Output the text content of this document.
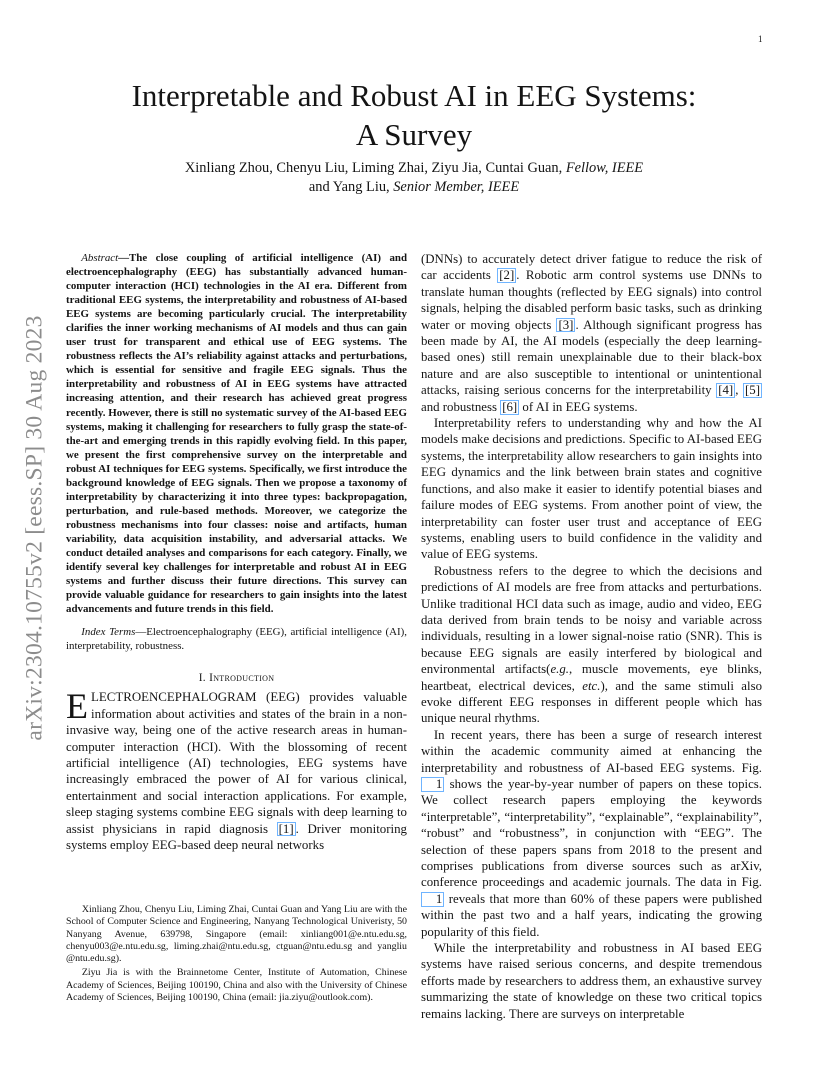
1
arXiv:2304.10755v2 [eess.SP] 30 Aug 2023
Interpretable and Robust AI in EEG Systems:
A Survey
Xinliang Zhou, Chenyu Liu, Liming Zhai, Ziyu Jia, Cuntai Guan, Fellow, IEEE
and Yang Liu, Senior Member, IEEE

Abstract—The close coupling of artificial intelligence (AI) and electroencephalography (EEG) has substantially advanced human-computer interaction (HCI) technologies in the AI era. Different from traditional EEG systems, the interpretability and robustness of AI-based EEG systems are becoming particularly crucial. The interpretability clarifies the inner working mechanisms of AI models and thus can gain user trust for transparent and ethical use of EEG systems. The robustness reflects the AI’s reliability against attacks and perturbations, which is essential for sensitive and fragile EEG signals. Thus the interpretability and robustness of AI in EEG systems have attracted increasing attention, and their research has achieved great progress recently. However, there is still no systematic survey of the AI-based EEG systems, making it challenging for researchers to fully grasp the state-of-the-art and emerging trends in this rapidly evolving field. In this paper, we present the first comprehensive survey on the interpretable and robust AI techniques for EEG systems. Specifically, we first introduce the background knowledge of EEG signals. Then we propose a taxonomy of interpretability by characterizing it into three types: backpropagation, perturbation, and rule-based methods. Moreover, we categorize the robustness mechanisms into four classes: noise and artifacts, human variability, data acquisition instability, and adversarial attacks. We conduct detailed analyses and comparisons for each category. Finally, we identify several key challenges for interpretable and robust AI in EEG systems and further discuss their future directions. This survey can provide valuable guidance for researchers to gain insights into the latest advancements and future trends in this field.

Index Terms—Electroencephalography (EEG), artificial intelligence (AI), interpretability, robustness.

I. Introduction

ELECTROENCEPHALOGRAM (EEG) provides valuable information about activities and states of the brain in a non-invasive way, being one of the active research areas in human-computer interaction (HCI). With the blossoming of recent artificial intelligence (AI) technologies, EEG systems have increasingly embraced the power of AI for various clinical, entertainment and social interaction applications. For example, sleep staging systems combine EEG signals with deep learning to assist physicians in rapid diagnosis [1] . Driver monitoring systems employ EEG-based deep neural networks

Xinliang Zhou, Chenyu Liu, Liming Zhai, Cuntai Guan and Yang Liu are with the School of Computer Science and Engineering, Nanyang Technological Univeristy, 50 Nanyang Avenue, 639798, Singapore (email: xinliang001@e.ntu.edu.sg, chenyu003@e.ntu.edu.sg, liming.zhai@ntu.edu.sg, ctguan@ntu.edu.sg and yangliu @ntu.edu.sg).

Ziyu Jia is with the Brainnetome Center, Institute of Automation, Chinese Academy of Sciences, Beijing 100190, China and also with the University of Chinese Academy of Sciences, Beijing 100190, China (email: jia.ziyu@outlook.com).

(DNNs) to accurately detect driver fatigue to reduce the risk of car accidents [2] . Robotic arm control systems use DNNs to translate human thoughts (reflected by EEG signals) into control signals, helping the disabled perform basic tasks, such as drinking water or moving objects [3] . Although significant progress has been made by AI, the AI models (especially the deep learning-based ones) still remain unexplainable due to their black-box nature and are also susceptible to intentional or unintentional attacks, raising serious concerns for the interpretability [4] , [5] and robustness [6] of AI in EEG systems.

Interpretability refers to understanding why and how the AI models make decisions and predictions. Specific to AI-based EEG systems, the interpretability allow researchers to gain insights into EEG dynamics and the link between brain states and cognitive functions, and also make it easier to identify potential biases and failure modes of EEG systems. From another point of view, the interpretability can foster user trust and acceptance of EEG systems, enabling users to build confidence in the validity and value of EEG systems.

Robustness refers to the degree to which the decisions and predictions of AI models are free from attacks and perturbations. Unlike traditional HCI data such as image, audio and video, EEG data derived from brain tends to be noisy and variable across individuals, resulting in a lower signal-noise ratio (SNR). This is because EEG signals are easily interfered by biological and environmental artifacts(e.g., muscle movements, eye blinks, heartbeat, electrical devices, etc.), and the same stimuli also evoke different EEG responses in different people which has unique neural rhythms.

In recent years, there has been a surge of research interest within the academic community aimed at enhancing the interpretability and robustness of AI-based EEG systems. Fig. 1 shows the year-by-year number of papers on these topics. We collect research papers employing the keywords “interpretable”, “interpretability”, “explainable”, “explainability”, “robust” and “robustness”, in conjunction with “EEG”. The selection of these papers spans from 2018 to the present and comprises publications from diverse sources such as arXiv, conference proceedings and academic journals. The data in Fig. 1 reveals that more than 60% of these papers were published within the past two and a half years, indicating the growing popularity of this field.

While the interpretability and robustness in AI based EEG systems have raised serious concerns, and despite tremendous efforts made by researchers to address them, an exhaustive survey summarizing the state of knowledge on these two critical topics remains lacking. There are surveys on interpretable
